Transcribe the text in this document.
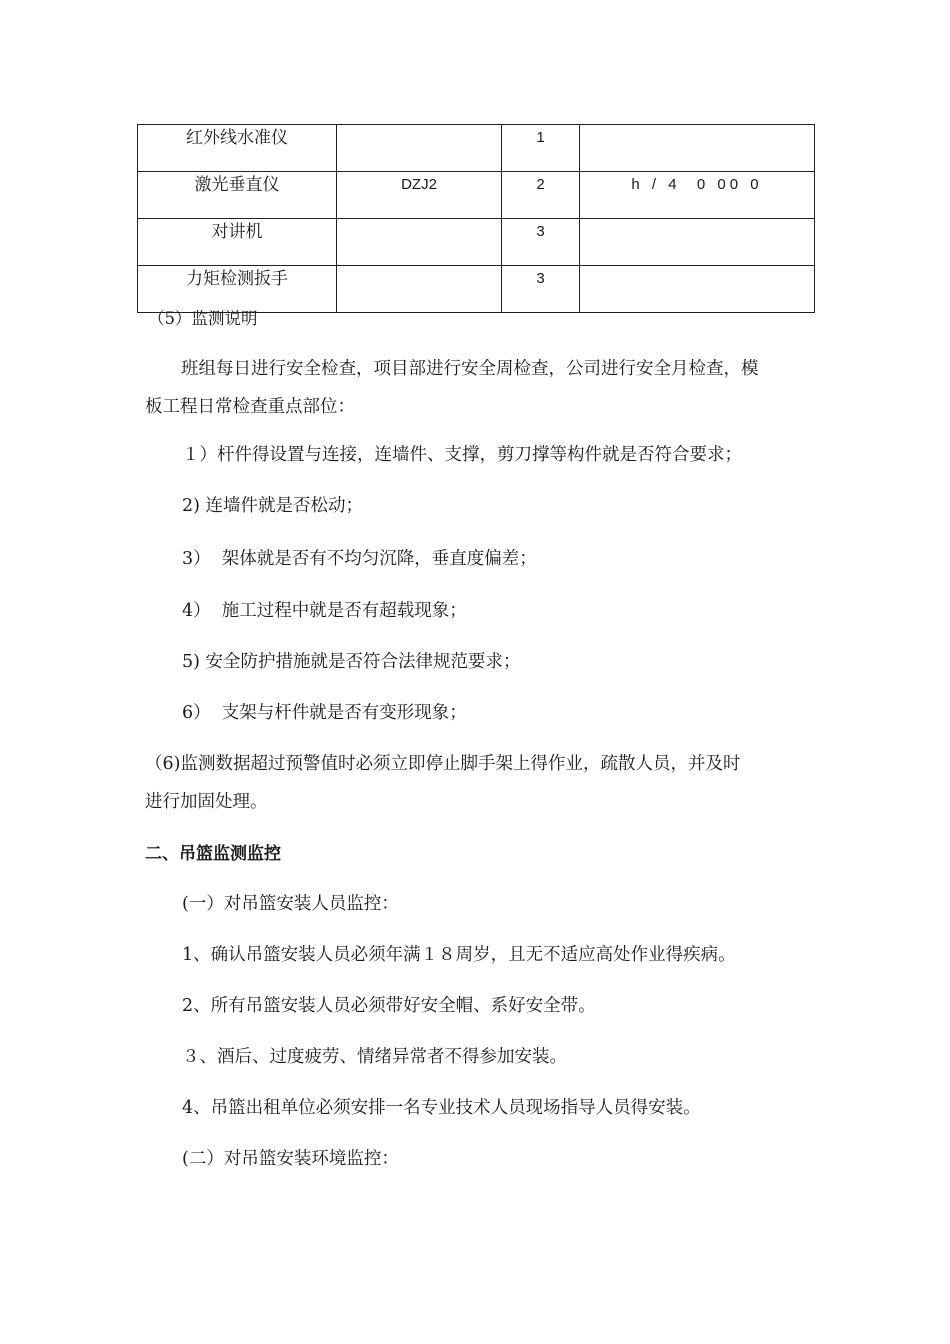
红外线水准仪		1	
激光垂直仪	DZJ2	2	h / 4  0 00 0
对讲机		3	
力矩检测扳手		3	
（5）监测说明
班组每日进行安全检查，项目部进行安全周检查，公司进行安全月检查，模
板工程日常检查重点部位：
１）杆件得设置与连接，连墙件、支撑，剪刀撑等构件就是否符合要求；
2) 连墙件就是否松动；
3）  架体就是否有不均匀沉降，垂直度偏差；
4）  施工过程中就是否有超载现象；
5) 安全防护措施就是否符合法律规范要求；
6）  支架与杆件就是否有变形现象；
（6)监测数据超过预警值时必须立即停止脚手架上得作业，疏散人员，并及时
进行加固处理。
二、吊篮监测监控
(一）对吊篮安装人员监控：
1、确认吊篮安装人员必须年满１８周岁，且无不适应高处作业得疾病。
2、所有吊篮安装人员必须带好安全帽、系好安全带。
３、酒后、过度疲劳、情绪异常者不得参加安装。
4、吊篮出租单位必须安排一名专业技术人员现场指导人员得安装。
(二）对吊篮安装环境监控：
